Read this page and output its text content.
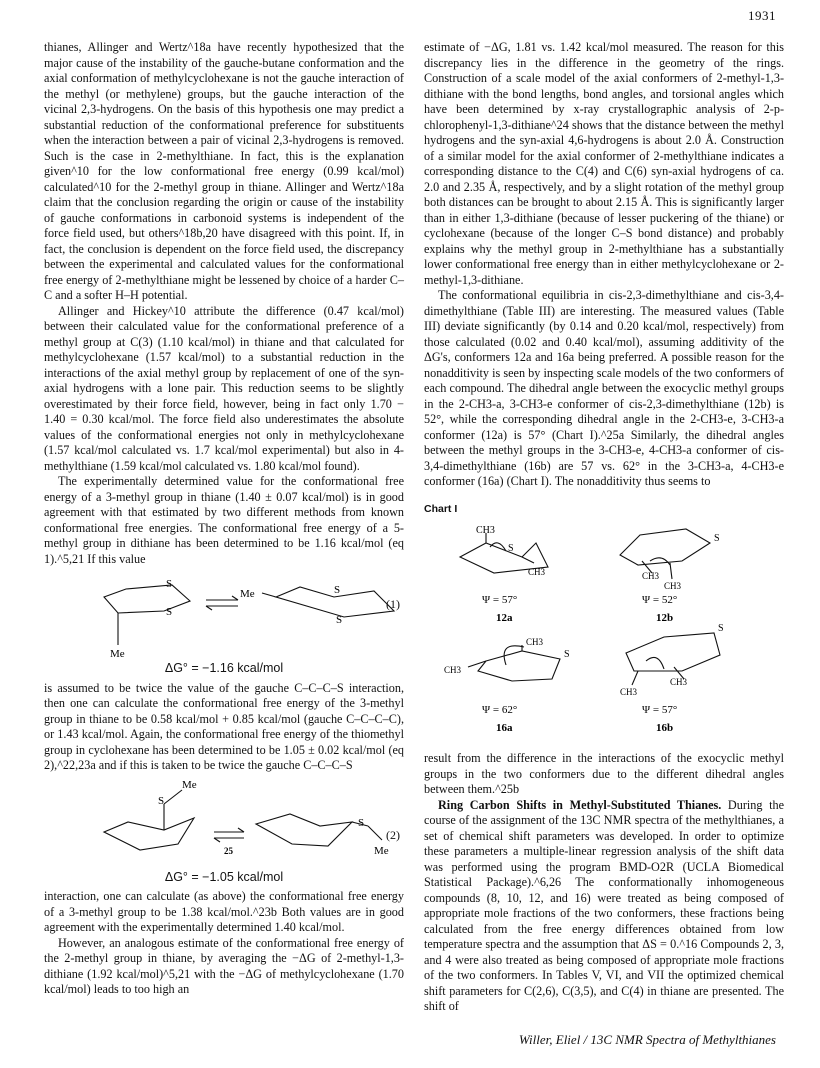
1931

thianes, Allinger and Wertz^18a have recently hypothesized that the major cause of the instability of the gauche-butane conformation and the axial conformation of methylcyclohexane is not the gauche interaction of the methyl (or methylene) groups, but the gauche interaction of the vicinal 2,3-hydrogens. On the basis of this hypothesis one may predict a substantial reduction of the conformational preference for substituents when the interaction between a pair of vicinal 2,3-hydrogens is removed. Such is the case in 2-methylthiane. In fact, this is the explanation given^10 for the low conformational free energy (0.99 kcal/mol) calculated^10 for the 2-methyl group in thiane. Allinger and Wertz^18a claim that the conclusion regarding the origin or cause of the instability of gauche conformations in carbonoid systems is independent of the force field used, but others^18b,20 have disagreed with this point. If, in fact, the conclusion is dependent on the force field used, the discrepancy between the experimental and calculated values for the conformational free energy of 2-methylthiane might be lessened by choice of a harder C–C and a softer H–H potential.

Allinger and Hickey^10 attribute the difference (0.47 kcal/mol) between their calculated value for the conformational preference of a methyl group at C(3) (1.10 kcal/mol) in thiane and that calculated for methylcyclohexane (1.57 kcal/mol) to a substantial reduction in the interactions of the axial methyl group by replacement of one of the syn-axial hydrogens with a lone pair. This reduction seems to be slightly overestimated by their force field, however, being in fact only 1.70 − 1.40 = 0.30 kcal/mol. The force field also underestimates the absolute values of the conformational energies not only in methylcyclohexane (1.57 kcal/mol calculated vs. 1.7 kcal/mol experimental) but also in 4-methylthiane (1.59 kcal/mol calculated vs. 1.80 kcal/mol found).

The experimentally determined value for the conformational free energy of a 3-methyl group in thiane (1.40 ± 0.07 kcal/mol) is in good agreement with that estimated by two different methods from known conformational free energies. The conformational free energy of a 5-methyl group in dithiane has been determined to be 1.16 kcal/mol (eq 1).^5,21 If this value

S
S
Me
Me	S
S
(1)
ΔG° = −1.16 kcal/mol

is assumed to be twice the value of the gauche C–C–C–S interaction, then one can calculate the conformational free energy of the 3-methyl group in thiane to be 0.58 kcal/mol + 0.85 kcal/mol (gauche C–C–C–C), or 1.43 kcal/mol. Again, the conformational free energy of the thiomethyl group in cyclohexane has been determined to be 1.05 ± 0.02 kcal/mol (eq 2),^22,23a and if this is taken to be twice the gauche C–C–C–S

S
Me
25
S
Me
(2)
ΔG° = −1.05 kcal/mol

interaction, one can calculate (as above) the conformational free energy of a 3-methyl group to be 1.38 kcal/mol.^23b Both values are in good agreement with the experimentally determined 1.40 kcal/mol.

However, an analogous estimate of the conformational free energy of the 2-methyl group in thiane, by averaging the −ΔG of 2-methyl-1,3-dithiane (1.92 kcal/mol)^5,21 with the −ΔG of methylcyclohexane (1.70 kcal/mol) leads to too high an

estimate of −ΔG, 1.81 vs. 1.42 kcal/mol measured. The reason for this discrepancy lies in the difference in the geometry of the rings. Construction of a scale model of the axial conformers of 2-methyl-1,3-dithiane with the bond lengths, bond angles, and torsional angles which have been determined by x-ray crystallographic analysis of 2-p-chlorophenyl-1,3-dithiane^24 shows that the distance between the methyl hydrogens and the syn-axial 4,6-hydrogens is about 2.0 Å. Construction of a similar model for the axial conformer of 2-methylthiane indicates a corresponding distance to the C(4) and C(6) syn-axial hydrogens of ca. 2.0 and 2.35 Å, respectively, and by a slight rotation of the methyl group both distances can be brought to about 2.15 Å. This is significantly larger than in either 1,3-dithiane (because of lesser puckering of the thiane) or cyclohexane (because of the longer C–S bond distance) and probably explains why the methyl group in 2-methylthiane has a substantially lower conformational free energy than in either methylcyclohexane or 2-methyl-1,3-dithiane.

The conformational equilibria in cis-2,3-dimethylthiane and cis-3,4-dimethylthiane (Table III) are interesting. The measured values (Table III) deviate significantly (by 0.14 and 0.20 kcal/mol, respectively) from those calculated (0.02 and 0.40 kcal/mol), assuming additivity of the ΔG's, conformers 12a and 16a being preferred. A possible reason for the nonadditivity is seen by inspecting scale models of the two conformers of each compound. The dihedral angle between the exocyclic methyl groups in the 2-CH3-a, 3-CH3-e conformer of cis-2,3-dimethylthiane (12b) is 52°, while the corresponding dihedral angle in the 2-CH3-e, 3-CH3-a conformer (12a) is 57° (Chart I).^25a Similarly, the dihedral angles between the methyl groups in the 3-CH3-e, 4-CH3-a conformer of cis-3,4-dimethylthiane (16b) are 57 vs. 62° in the 3-CH3-a, 4-CH3-e conformer (16a) (Chart I). The nonadditivity thus seems to

Chart I
CH3
S
CH3
Ψ = 57°
12a
S
CH3
CH3
Ψ = 52°
12b
CH3
S
CH3
Ψ = 62°
16a
S
CH3
CH3
Ψ = 57°
16b

result from the difference in the interactions of the exocyclic methyl groups in the two conformers due to the different dihedral angles between them.^25b

Ring Carbon Shifts in Methyl-Substituted Thianes. During the course of the assignment of the 13C NMR spectra of the methylthianes, a set of chemical shift parameters was developed. In order to optimize these parameters a multiple-linear regression analysis of the shift data was performed using the program BMD-O2R (UCLA Biomedical Statistical Package).^6,26 The conformationally inhomogeneous compounds (8, 10, 12, and 16) were treated as being composed of appropriate mole fractions of the two conformers, these fractions being calculated from the free energy differences obtained from low temperature spectra and the assumption that ΔS = 0.^16 Compounds 2, 3, and 4 were also treated as being composed of appropriate mole fractions of the two conformers. In Tables V, VI, and VII the optimized chemical shift parameters for C(2,6), C(3,5), and C(4) in thiane are presented. The shift of

Willer, Eliel / 13C NMR Spectra of Methylthianes
